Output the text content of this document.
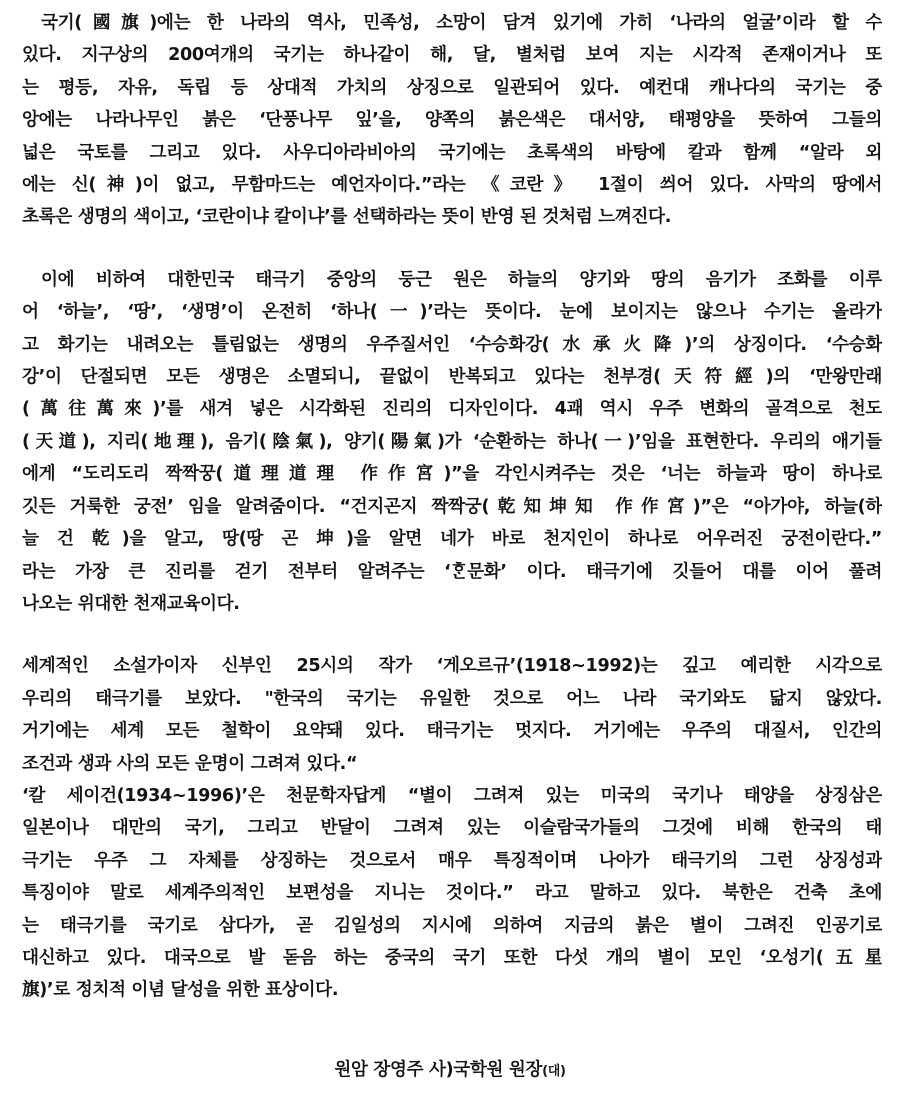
국기(國旗)에는 한 나라의 역사, 민족성, 소망이 담겨 있기에 가히 ‘나라의 얼굴’이라 할 수
있다. 지구상의 200여개의 국기는 하나같이 해, 달, 별처럼 보여 지는 시각적 존재이거나 또
는 평등, 자유, 독립 등 상대적 가치의 상징으로 일관되어 있다. 예컨대 캐나다의 국기는 중
앙에는 나라나무인 붉은 ‘단풍나무 잎’을, 양쪽의 붉은색은 대서양, 태평양을 뜻하여 그들의
넓은 국토를 그리고 있다. 사우디아라비아의 국기에는 초록색의 바탕에 칼과 함께 “알라 외
에는 신(神)이 없고, 무함마드는 예언자이다.”라는 《코란》 1절이 씌어 있다. 사막의 땅에서
초록은 생명의 색이고, ‘코란이냐 칼이냐’를 선택하라는 뜻이 반영 된 것처럼 느껴진다.
이에 비하여 대한민국 태극기 중앙의 둥근 원은 하늘의 양기와 땅의 음기가 조화를 이루
어 ‘하늘’, ‘땅’, ‘생명’이 온전히 ‘하나(一)’라는 뜻이다. 눈에 보이지는 않으나 수기는 올라가
고 화기는 내려오는 틀림없는 생명의 우주질서인 ‘수승화강(水承火降)’의 상징이다. ‘수승화
강’이 단절되면 모든 생명은 소멸되니, 끝없이 반복되고 있다는 천부경(天符經)의 ‘만왕만래
(萬往萬來)’를 새겨 넣은 시각화된 진리의 디자인이다. 4괘 역시 우주 변화의 골격으로 천도
(天道), 지리(地理), 음기(陰氣), 양기(陽氣)가 ‘순환하는 하나(一)’임을 표현한다. 우리의 애기들
에게 “도리도리 짝짝꿍(道理道理 作作宮)”을 각인시켜주는 것은 ‘너는 하늘과 땅이 하나로
깃든 거룩한 궁전’ 임을 알려줌이다. “건지곤지 짝짝궁(乾知坤知 作作宮)”은 “아가야, 하늘(하
늘 건 乾)을 알고, 땅(땅 곤 坤)을 알면 네가 바로 천지인이 하나로 어우러진 궁전이란다.”
라는 가장 큰 진리를 걷기 전부터 알려주는 ‘ᄒᆞᆫ문화’ 이다. 태극기에 깃들어 대를 이어 풀려
나오는 위대한 천재교육이다.
세계적인 소설가이자 신부인 25시의 작가 ‘게오르규’(1918~1992)는 깊고 예리한 시각으로
우리의 태극기를 보았다. "한국의 국기는 유일한 것으로 어느 나라 국기와도 닮지 않았다.
거기에는 세계 모든 철학이 요약돼 있다. 태극기는 멋지다. 거기에는 우주의 대질서, 인간의
조건과 생과 사의 모든 운명이 그려져 있다.“
‘칼 세이건(1934~1996)’은 천문학자답게 “별이 그려져 있는 미국의 국기나 태양을 상징삼은
일본이나 대만의 국기, 그리고 반달이 그려져 있는 이슬람국가들의 그것에 비해 한국의 태
극기는 우주 그 자체를 상징하는 것으로서 매우 특징적이며 나아가 태극기의 그런 상징성과
특징이야 말로 세계주의적인 보편성을 지니는 것이다.” 라고 말하고 있다. 북한은 건축 초에
는 태극기를 국기로 삼다가, 곧 김일성의 지시에 의하여 지금의 붉은 별이 그려진 인공기로
대신하고 있다. 대국으로 발 돋음 하는 중국의 국기 또한 다섯 개의 별이 모인 ‘오성기(五星
旗)’로 정치적 이념 달성을 위한 표상이다.
원암 장영주 사)국학원 원장(대)
